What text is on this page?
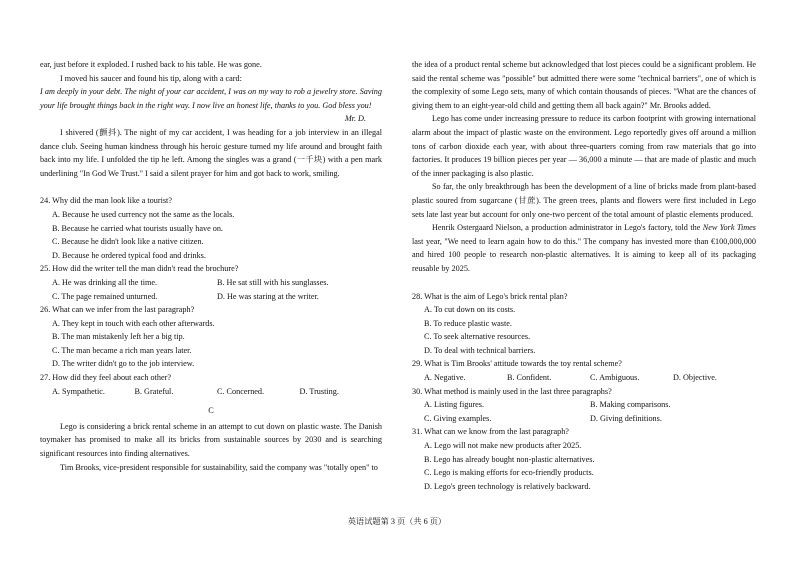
ear, just before it exploded. I rushed back to his table. He was gone.

I moved his saucer and found his tip, along with a card:

I am deeply in your debt. The night of your car accident, I was on my way to rob a jewelry store. Saving your life brought things back in the right way. I now live an honest life, thanks to you. God bless you!

Mr. D.

I shivered (颤抖). The night of my car accident, I was heading for a job interview in an illegal dance club. Seeing human kindness through his heroic gesture turned my life around and brought faith back into my life. I unfolded the tip he left. Among the singles was a grand (一千块) with a pen mark underlining "In God We Trust." I said a silent prayer for him and got back to work, smiling.

24. Why did the man look like a tourist?

A. Because he used currency not the same as the locals.

B. Because he carried what tourists usually have on.

C. Because he didn't look like a native citizen.

D. Because he ordered typical food and drinks.

25. How did the writer tell the man didn't read the brochure?

A. He was drinking all the time.	B. He sat still with his sunglasses.
C. The page remained unturned.	D. He was staring at the writer.

26. What can we infer from the last paragraph?

A. They kept in touch with each other afterwards.

B. The man mistakenly left her a big tip.

C. The man became a rich man years later.

D. The writer didn't go to the job interview.

27. How did they feel about each other?

A. Sympathetic.	B. Grateful.	C. Concerned.	D. Trusting.

C

Lego is considering a brick rental scheme in an attempt to cut down on plastic waste. The Danish toymaker has promised to make all its bricks from sustainable sources by 2030 and is searching significant resources into finding alternatives.

Tim Brooks, vice-president responsible for sustainability, said the company was "totally open" to

the idea of a product rental scheme but acknowledged that lost pieces could be a significant problem. He said the rental scheme was "possible" but admitted there were some "technical barriers", one of which is the complexity of some Lego sets, many of which contain thousands of pieces. "What are the chances of giving them to an eight-year-old child and getting them all back again?" Mr. Brooks added.

Lego has come under increasing pressure to reduce its carbon footprint with growing international alarm about the impact of plastic waste on the environment. Lego reportedly gives off around a million tons of carbon dioxide each year, with about three-quarters coming from raw materials that go into factories. It produces 19 billion pieces per year — 36,000 a minute — that are made of plastic and much of the inner packaging is also plastic.

So far, the only breakthrough has been the development of a line of bricks made from plant-based plastic soured from sugarcane (甘蔗). The green trees, plants and flowers were first included in Lego sets late last year but account for only one-two percent of the total amount of plastic elements produced.

Henrik Ostergaard Nielson, a production administrator in Lego's factory, told the New York Times last year, "We need to learn again how to do this." The company has invested more than €100,000,000 and hired 100 people to research non-plastic alternatives. It is aiming to keep all of its packaging reusable by 2025.

28. What is the aim of Lego's brick rental plan?

A. To cut down on its costs.

B. To reduce plastic waste.

C. To seek alternative resources.

D. To deal with technical barriers.

29. What is Tim Brooks' attitude towards the toy rental scheme?

A. Negative.	B. Confident.	C. Ambiguous.	D. Objective.

30. What method is mainly used in the last three paragraphs?

A. Listing figures.	B. Making comparisons.
C. Giving examples.	D. Giving definitions.

31. What can we know from the last paragraph?

A. Lego will not make new products after 2025.

B. Lego has already bought non-plastic alternatives.

C. Lego is making efforts for eco-friendly products.

D. Lego's green technology is relatively backward.

英语试题第 3 页（共 6 页）
